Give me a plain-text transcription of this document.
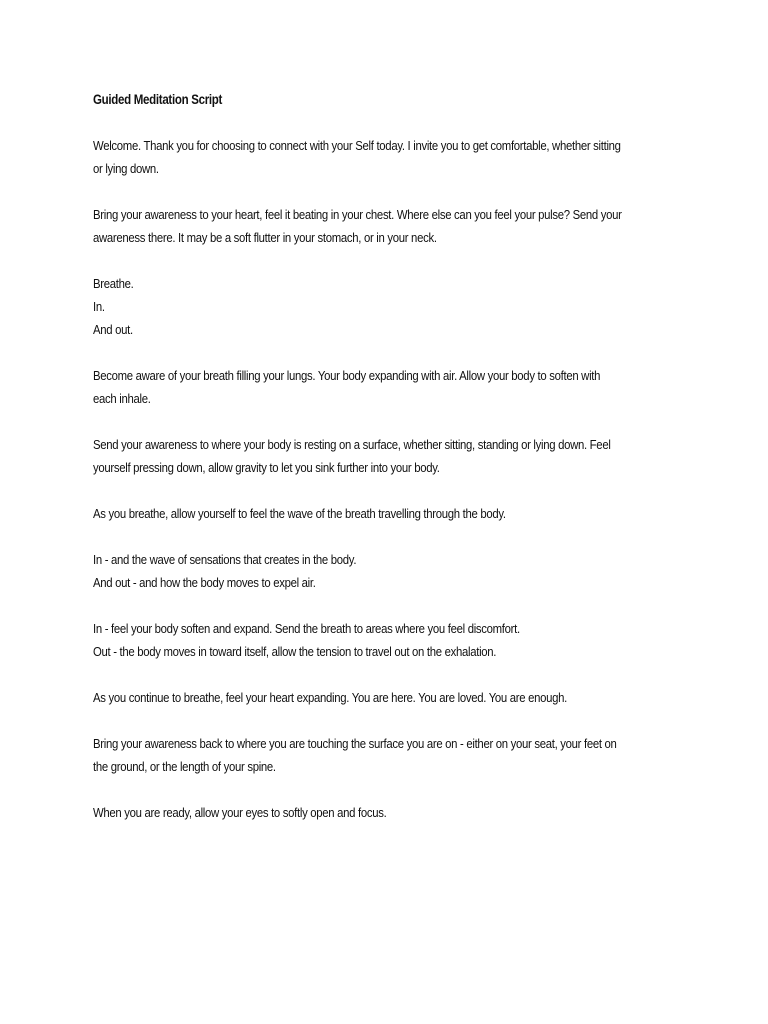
Guided Meditation Script
Welcome. Thank you for choosing to connect with your Self today. I invite you to get comfortable, whether sitting
or lying down.
Bring your awareness to your heart, feel it beating in your chest. Where else can you feel your pulse? Send your
awareness there. It may be a soft flutter in your stomach, or in your neck.
Breathe.
In.
And out.
Become aware of your breath filling your lungs. Your body expanding with air. Allow your body to soften with
each inhale.
Send your awareness to where your body is resting on a surface, whether sitting, standing or lying down. Feel
yourself pressing down, allow gravity to let you sink further into your body.
As you breathe, allow yourself to feel the wave of the breath travelling through the body.
In - and the wave of sensations that creates in the body.
And out - and how the body moves to expel air.
In - feel your body soften and expand. Send the breath to areas where you feel discomfort.
Out - the body moves in toward itself, allow the tension to travel out on the exhalation.
As you continue to breathe, feel your heart expanding. You are here. You are loved. You are enough.
Bring your awareness back to where you are touching the surface you are on - either on your seat, your feet on
the ground, or the length of your spine.
When you are ready, allow your eyes to softly open and focus.
